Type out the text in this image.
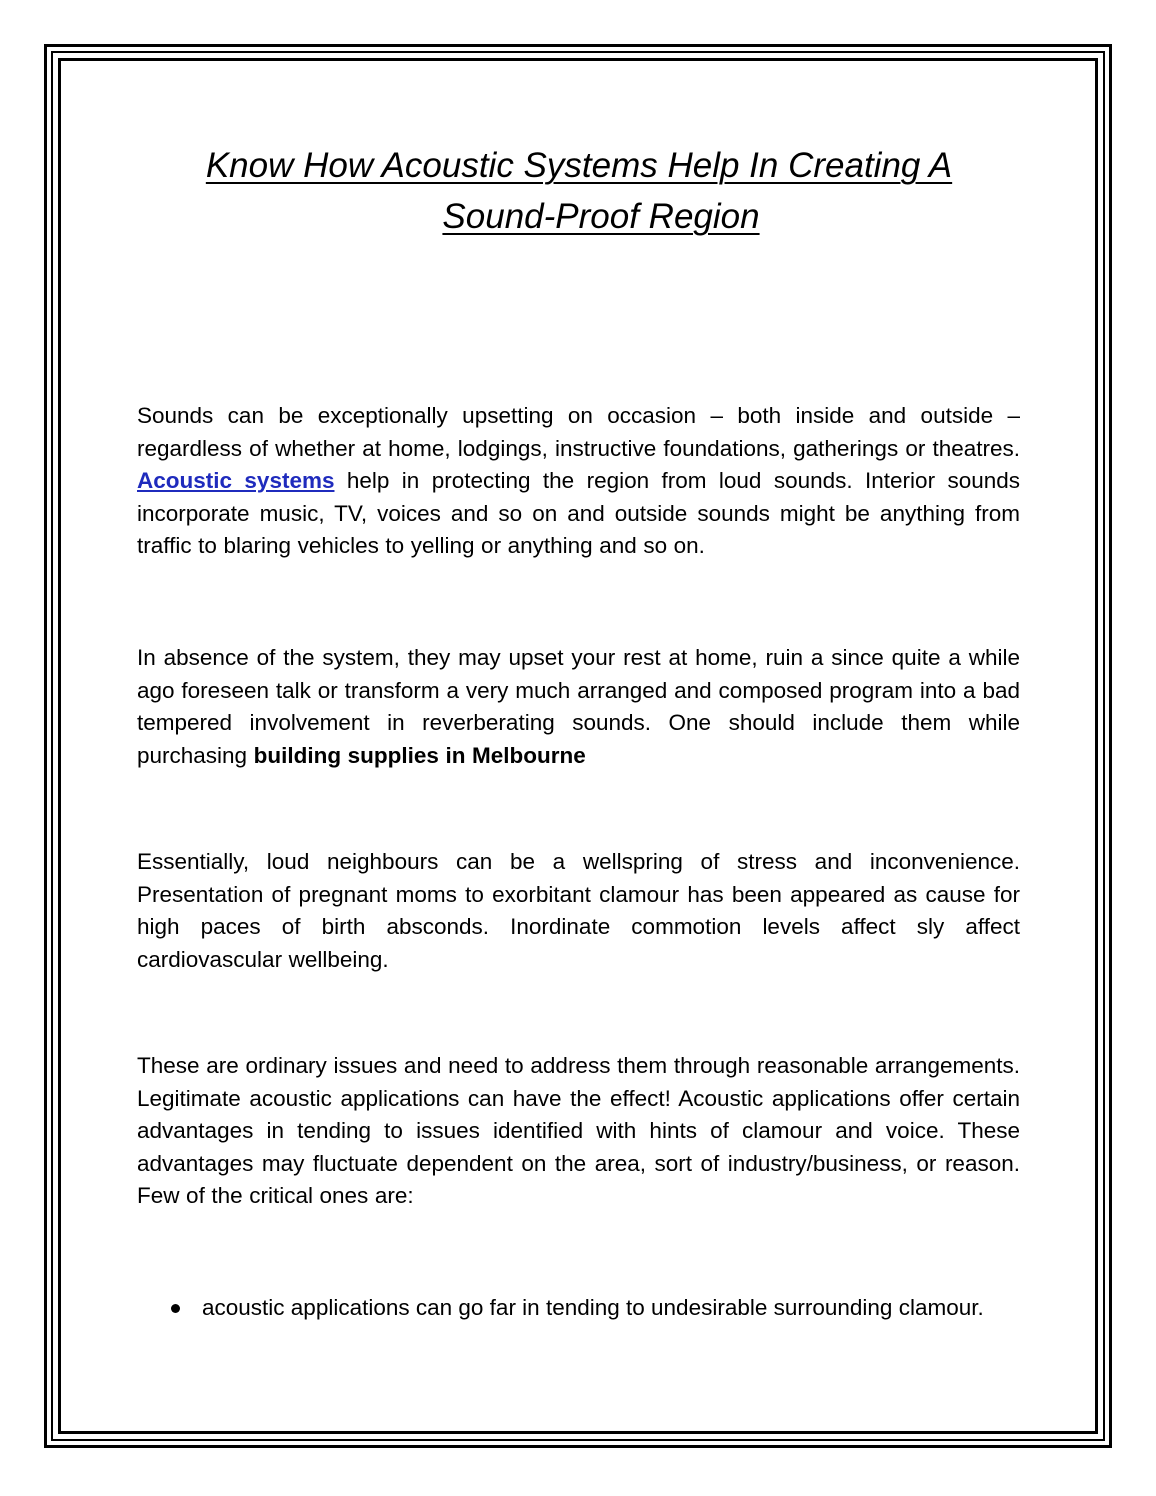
Know How Acoustic Systems Help In Creating A
Sound-Proof Region

Sounds can be exceptionally upsetting on occasion – both inside and outside – regardless of whether at home, lodgings, instructive foundations, gatherings or theatres. Acoustic systems help in protecting the region from loud sounds. Interior sounds incorporate music, TV, voices and so on and outside sounds might be anything from traffic to blaring vehicles to yelling or anything and so on.

In absence of the system, they may upset your rest at home, ruin a since quite a while ago foreseen talk or transform a very much arranged and composed program into a bad tempered involvement in reverberating sounds. One should include them while purchasing building supplies in Melbourne

Essentially, loud neighbours can be a wellspring of stress and inconvenience. Presentation of pregnant moms to exorbitant clamour has been appeared as cause for high paces of birth absconds. Inordinate commotion levels affect sly affect cardiovascular wellbeing.

These are ordinary issues and need to address them through reasonable arrangements. Legitimate acoustic applications can have the effect! Acoustic applications offer certain advantages in tending to issues identified with hints of clamour and voice. These advantages may fluctuate dependent on the area, sort of industry/business, or reason. Few of the critical ones are:

acoustic applications can go far in tending to undesirable surrounding clamour.
